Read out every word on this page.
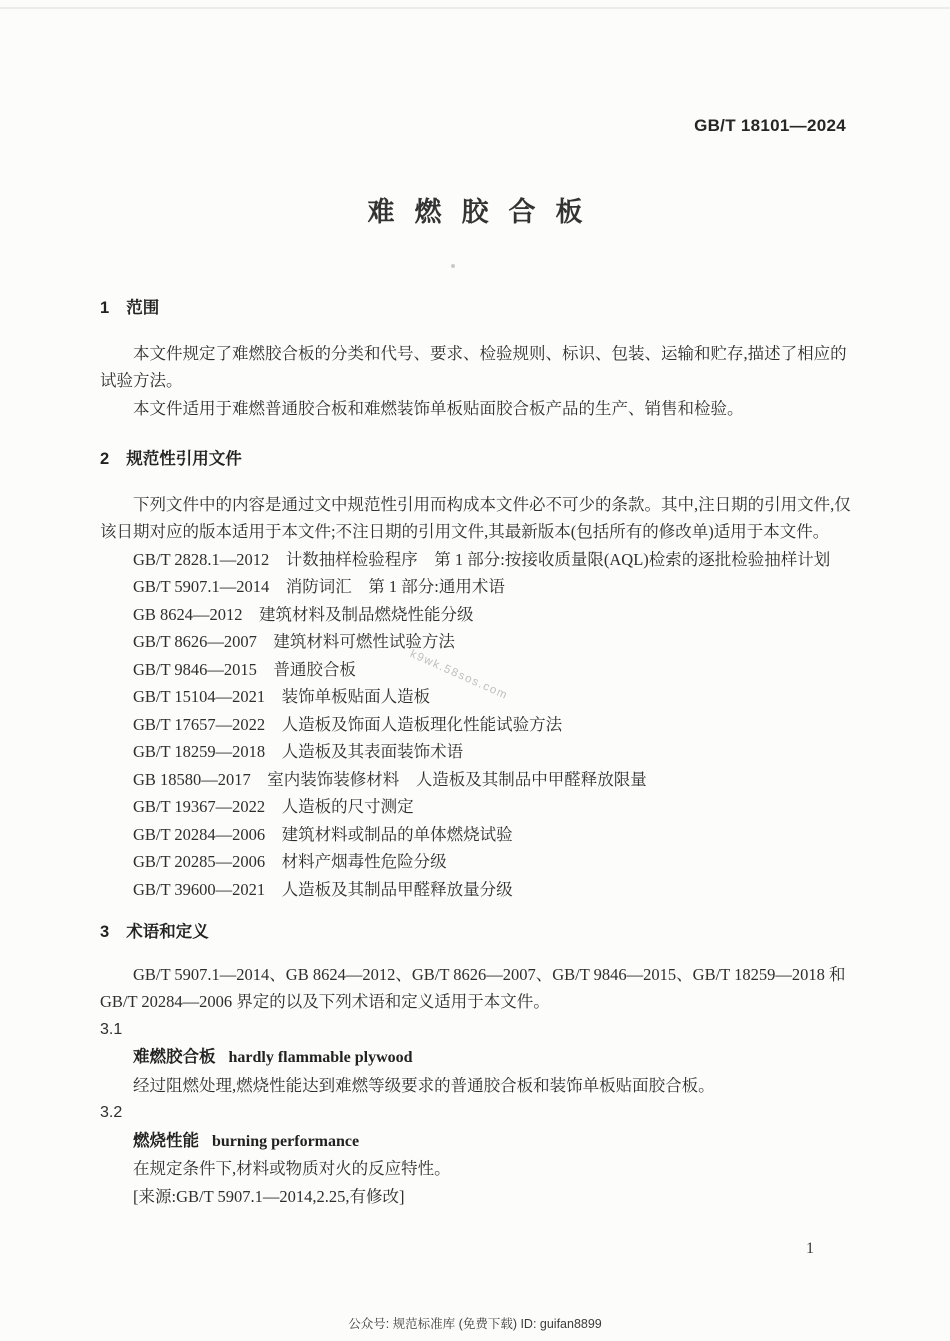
GB/T 18101—2024
难燃胶合板
k9wk.58sos.com
1 范围

本文件规定了难燃胶合板的分类和代号、要求、检验规则、标识、包装、运输和贮存,描述了相应的试验方法。

本文件适用于难燃普通胶合板和难燃装饰单板贴面胶合板产品的生产、销售和检验。

2 规范性引用文件

下列文件中的内容是通过文中规范性引用而构成本文件必不可少的条款。其中,注日期的引用文件,仅该日期对应的版本适用于本文件;不注日期的引用文件,其最新版本(包括所有的修改单)适用于本文件。

GB/T 2828.1—2012　计数抽样检验程序　第 1 部分:按接收质量限(AQL)检索的逐批检验抽样计划

GB/T 5907.1—2014　消防词汇　第 1 部分:通用术语

GB 8624—2012　建筑材料及制品燃烧性能分级

GB/T 8626—2007　建筑材料可燃性试验方法

GB/T 9846—2015　普通胶合板

GB/T 15104—2021　装饰单板贴面人造板

GB/T 17657—2022　人造板及饰面人造板理化性能试验方法

GB/T 18259—2018　人造板及其表面装饰术语

GB 18580—2017　室内装饰装修材料　人造板及其制品中甲醛释放限量

GB/T 19367—2022　人造板的尺寸测定

GB/T 20284—2006　建筑材料或制品的单体燃烧试验

GB/T 20285—2006　材料产烟毒性危险分级

GB/T 39600—2021　人造板及其制品甲醛释放量分级

3 术语和定义

GB/T 5907.1—2014、GB 8624—2012、GB/T 8626—2007、GB/T 9846—2015、GB/T 18259—2018 和 GB/T 20284—2006 界定的以及下列术语和定义适用于本文件。

3.1

难燃胶合板 hardly flammable plywood

经过阻燃处理,燃烧性能达到难燃等级要求的普通胶合板和装饰单板贴面胶合板。

3.2

燃烧性能 burning performance

在规定条件下,材料或物质对火的反应特性。

[来源:GB/T 5907.1—2014,2.25,有修改]

1
公众号: 规范标准库 (免费下载) ID: guifan8899
